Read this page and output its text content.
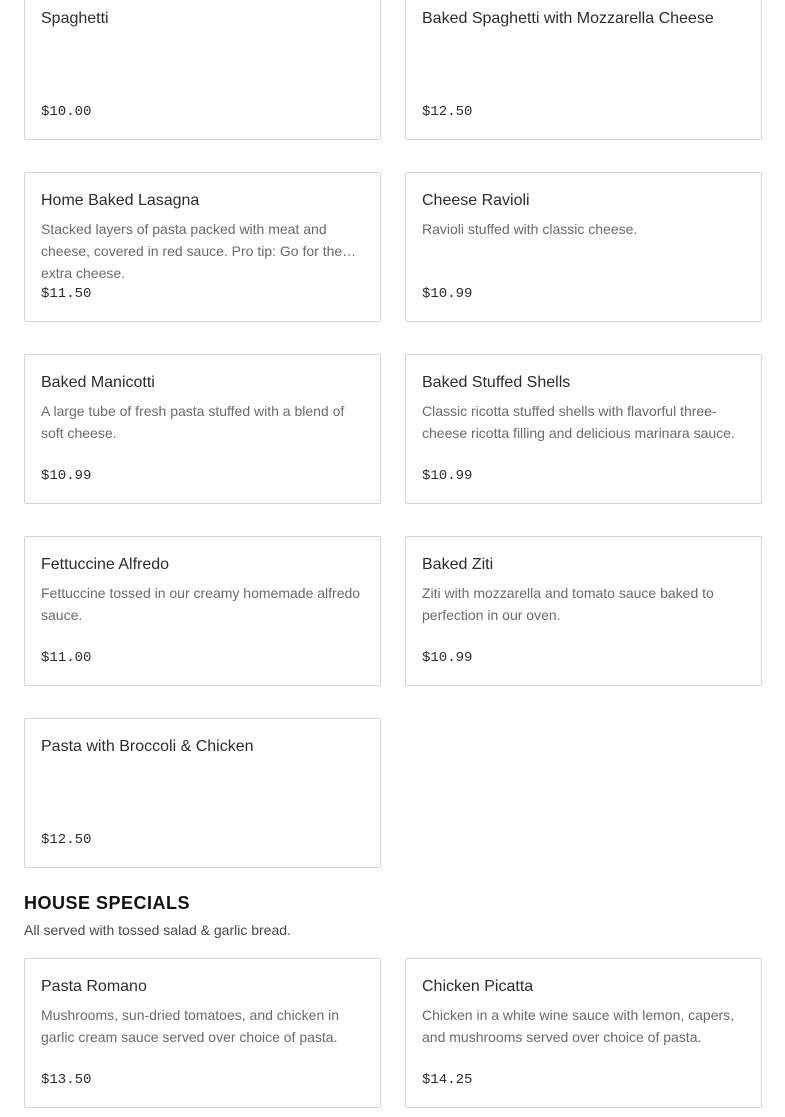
Spaghetti
$10.00
Baked Spaghetti with Mozzarella Cheese
$12.50
Home Baked Lasagna
Stacked layers of pasta packed with meat and cheese, covered in red sauce. Pro tip: Go for the extra cheese.
$11.50
Cheese Ravioli
Ravioli stuffed with classic cheese.
$10.99
Baked Manicotti
A large tube of fresh pasta stuffed with a blend of soft cheese.
$10.99
Baked Stuffed Shells
Classic ricotta stuffed shells with flavorful three-cheese ricotta filling and delicious marinara sauce.
$10.99
Fettuccine Alfredo
Fettuccine tossed in our creamy homemade alfredo sauce.
$11.00
Baked Ziti
Ziti with mozzarella and tomato sauce baked to perfection in our oven.
$10.99
Pasta with Broccoli & Chicken
$12.50
HOUSE SPECIALS
All served with tossed salad & garlic bread.
Pasta Romano
Mushrooms, sun-dried tomatoes, and chicken in garlic cream sauce served over choice of pasta.
$13.50
Chicken Picatta
Chicken in a white wine sauce with lemon, capers, and mushrooms served over choice of pasta.
$14.25
